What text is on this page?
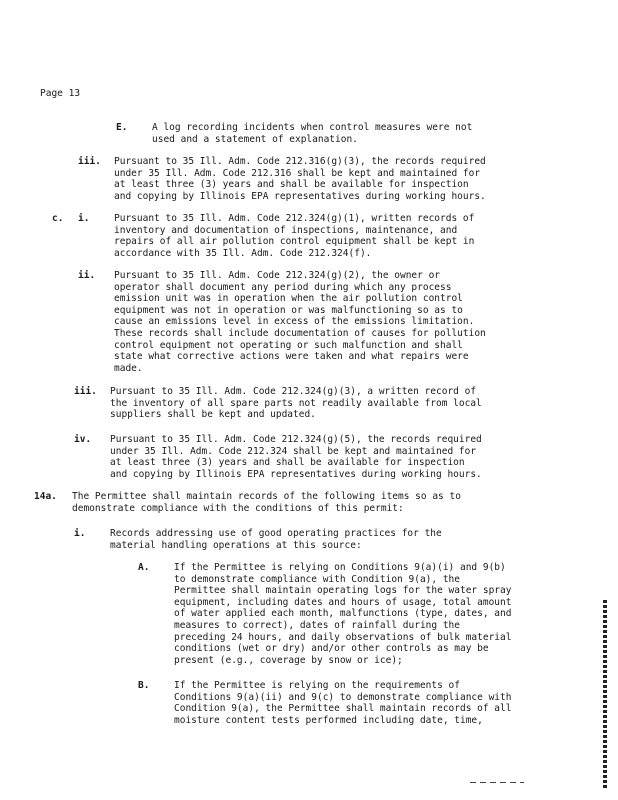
Page 13
E.	A log recording incidents when control measures were not
used and a statement of explanation.
iii. Pursuant to 35 Ill. Adm. Code 212.316(g)(3), the records required
under 35 Ill. Adm. Code 212.316 shall be kept and maintained for
at least three (3) years and shall be available for inspection
and copying by Illinois EPA representatives during working hours.
c. i.	Pursuant to 35 Ill. Adm. Code 212.324(g)(1), written records of
inventory and documentation of inspections, maintenance, and
repairs of all air pollution control equipment shall be kept in
accordance with 35 Ill. Adm. Code 212.324(f).
ii. Pursuant to 35 Ill. Adm. Code 212.324(g)(2), the owner or
operator shall document any period during which any process
emission unit was in operation when the air pollution control
equipment was not in operation or was malfunctioning so as to
cause an emissions level in excess of the emissions limitation.
These records shall include documentation of causes for pollution
control equipment not operating or such malfunction and shall
state what corrective actions were taken and what repairs were
made.
iii. Pursuant to 35 Ill. Adm. Code 212.324(g)(3), a written record of
the inventory of all spare parts not readily available from local
suppliers shall be kept and updated.
iv. Pursuant to 35 Ill. Adm. Code 212.324(g)(5), the records required
under 35 Ill. Adm. Code 212.324 shall be kept and maintained for
at least three (3) years and shall be available for inspection
and copying by Illinois EPA representatives during working hours.
14a. The Permittee shall maintain records of the following items so as to
demonstrate compliance with the conditions of this permit:
i.	Records addressing use of good operating practices for the
material handling operations at this source:
A.	If the Permittee is relying on Conditions 9(a)(i) and 9(b)
to demonstrate compliance with Condition 9(a), the
Permittee shall maintain operating logs for the water spray
equipment, including dates and hours of usage, total amount
of water applied each month, malfunctions (type, dates, and
measures to correct), dates of rainfall during the
preceding 24 hours, and daily observations of bulk material
conditions (wet or dry) and/or other controls as may be
present (e.g., coverage by snow or ice);
B.	If the Permittee is relying on the requirements of
Conditions 9(a)(ii) and 9(c) to demonstrate compliance with
Condition 9(a), the Permittee shall maintain records of all
moisture content tests performed including date, time,
